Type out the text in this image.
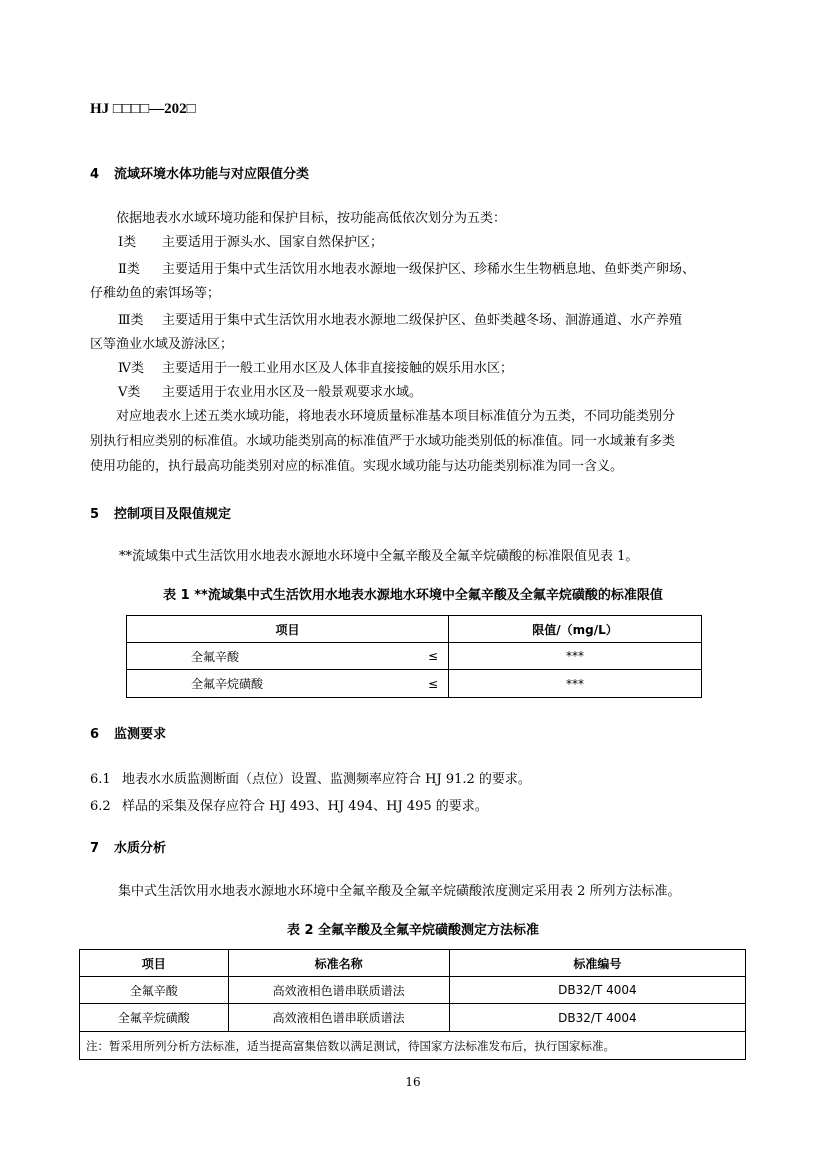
HJ □□□□—202□
4 流域环境水体功能与对应限值分类
依据地表水水域环境功能和保护目标，按功能高低依次划分为五类：
Ⅰ类 主要适用于源头水、国家自然保护区；
Ⅱ类 主要适用于集中式生活饮用水地表水源地一级保护区、珍稀水生生物栖息地、鱼虾类产卵场、
仔稚幼鱼的索饵场等；
Ⅲ类 主要适用于集中式生活饮用水地表水源地二级保护区、鱼虾类越冬场、洄游通道、水产养殖
区等渔业水域及游泳区；
Ⅳ类 主要适用于一般工业用水区及人体非直接接触的娱乐用水区；
Ⅴ类 主要适用于农业用水区及一般景观要求水域。
对应地表水上述五类水域功能，将地表水环境质量标准基本项目标准值分为五类，不同功能类别分
别执行相应类别的标准值。水域功能类别高的标准值严于水域功能类别低的标准值。同一水域兼有多类
使用功能的，执行最高功能类别对应的标准值。实现水域功能与达功能类别标准为同一含义。
5 控制项目及限值规定
**流域集中式生活饮用水地表水源地水环境中全氟辛酸及全氟辛烷磺酸的标准限值见表 1。
表 1 **流域集中式生活饮用水地表水源地水环境中全氟辛酸及全氟辛烷磺酸的标准限值
项目		限值/（mg/L）
全氟辛酸	≤	***
全氟辛烷磺酸	≤	***
6 监测要求
6.1 地表水水质监测断面（点位）设置、监测频率应符合 HJ 91.2 的要求。
6.2 样品的采集及保存应符合 HJ 493、HJ 494、HJ 495 的要求。
7 水质分析
集中式生活饮用水地表水源地水环境中全氟辛酸及全氟辛烷磺酸浓度测定采用表 2 所列方法标准。
表 2 全氟辛酸及全氟辛烷磺酸测定方法标准
项目	标准名称	标准编号
全氟辛酸	高效液相色谱串联质谱法	DB32/T 4004
全氟辛烷磺酸	高效液相色谱串联质谱法	DB32/T 4004
注：暂采用所列分析方法标准，适当提高富集倍数以满足测试，待国家方法标准发布后，执行国家标准。		
16
